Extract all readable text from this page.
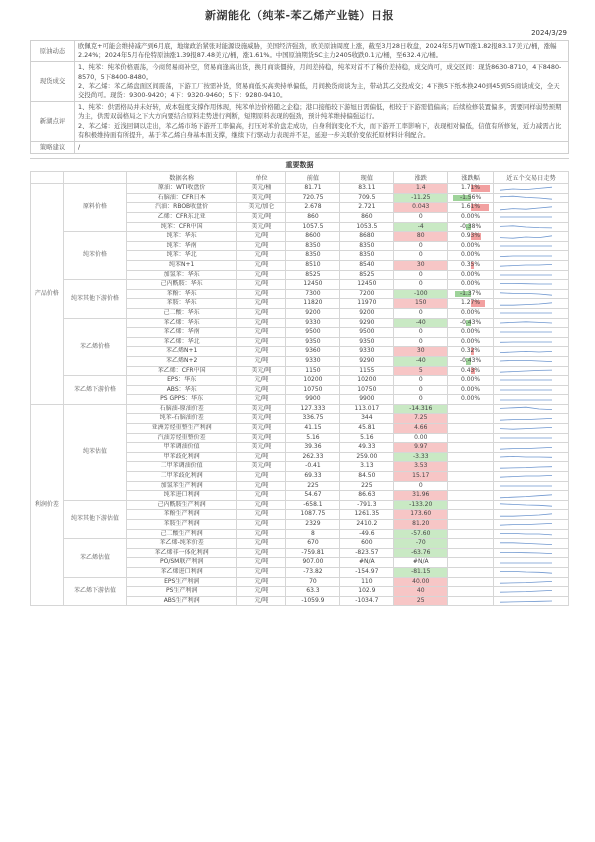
新湖能化（纯苯-苯乙烯产业链）日报
2024/3/29
原油动态	欧佩克+可能会维持减产到6月底，地缘政治紧张对能源设施威胁，美国经济强劲，欧美原油周度上涨，截至3月28日收盘，2024年5月WTI涨1.82报83.17美元/桶，涨幅2.24%；2024年5月布伦特原油涨1.39报87.48美元/桶，涨1.61%。中国原油期货SC主力2405收跌0.1元/桶，至632.4元/桶。
现货成交	1、纯苯：纯苯价格震荡，今商贸易商补空，贸易商逢高出货，换月商谈僵持，月间差持稳，纯苯对首不了稀价差持稳，成交尚可，成交区间：现货8630-8710，4下8480-8570，5下8400-8480。

2、苯乙烯：苯乙烯盘面区间震荡，下游工厂按需补货，贸易商低买高卖持单偏低，月间换货商谈为主，带动其乙交投成交；4下换5下纸本换240到45到55商谈成交，全天交投尚可。现货：9300-9420；4下：9320-9460；5下：9280-9410。

新湖点评	1、纯苯：供需格局并未好转，成本强度支撑作用体现，纯苯单边价格随之企稳；港口接船较下游旭日需偏低，相较于下游需值偏高；后续检修装置偏多，需要同样弱势预期为主，供需双弱格局之下大方向要结合原料走势进行判断，短期原料表现的强劲，预计纯苯维持偏强运行。

2、苯乙烯：近浅回调以走出，苯乙烯市场下游开工率偏高，打压对苯价盘走成功，自身利润变化不大，而下游开工率影响下，表现相对偏低，信值有所修复，近力减需占比有积极维持面有所提升，基于苯乙烯自身基本面支撑，继续下行驱动力表现并不足，延迎一步关联价变依托原材料计利配合。

策略建议	/
重要数据
		数据名称	单位	前值	现值	涨跌	涨跌幅	近五个交易日走势
产品价格	原料价格	原油：WTI收盘价	美元/桶	81.71	83.11	1.4	1.71%	

		石脑油：CFR日本	美元/吨	720.75	709.5	-11.25	-1.56%	

		汽油：RBOB收盘价	美元/加仑	2.678	2.721	0.043	1.61%	

		乙烯：CFR东北亚	美元/吨	860	860	0	0.00%	

		纯苯：CFR中国	美元/吨	1057.5	1053.5	-4	-0.38%	

	纯苯价格	纯苯：华东	元/吨	8600	8680	80	0.93%	

		纯苯：华南	元/吨	8350	8350	0	0.00%	

		纯苯：华北	元/吨	8350	8350	0	0.00%	

		纯苯N+1	元/吨	8510	8540	30	0.35%	

		加氢苯：华东	元/吨	8525	8525	0	0.00%	

	纯苯其他下游价格	己内酰胺：华东	元/吨	12450	12450	0	0.00%	

		苯酚：华东	元/吨	7300	7200	-100	-1.37%	

		苯胺：华东	元/吨	11820	11970	150	1.27%	

		己二酸：华东	元/吨	9200	9200	0	0.00%	

	苯乙烯价格	苯乙烯：华东	元/吨	9330	9290	-40	-0.43%	

		苯乙烯：华南	元/吨	9500	9500	0	0.00%	

		苯乙烯：华北	元/吨	9350	9350	0	0.00%	

		苯乙烯N+1	元/吨	9360	9330	30	0.32%	

		苯乙烯N+2	元/吨	9330	9290	-40	-0.43%	

		苯乙烯：CFR中国	美元/吨	1150	1155	5	0.43%	

	苯乙烯下游价格	EPS：华东	元/吨	10200	10200	0	0.00%	

		ABS：华东	元/吨	10750	10750	0	0.00%	

		PS GPPS：华东	元/吨	9900	9900	0	0.00%	

利润价差	纯苯估值	石脑油-原油价差	美元/吨	127.333	113.017	-14.316		

		纯苯-石脑油价差	美元/吨	336.75	344	7.25		

		亚洲芳烃重整生产利润	美元/吨	41.15	45.81	4.66		

		汽油芳烃重整价差	美元/吨	5.16	5.16	0.00		

		甲苯调油价值	美元/吨	39.36	49.33	9.97		

		甲苯歧化利润	元/吨	262.33	259.00	-3.33		

		二甲苯调油价值	美元/吨	-0.41	3.13	3.53		

		二甲苯歧化利润	元/吨	69.33	84.50	15.17		

		加氢苯生产利润	元/吨	225	225	0		

		纯苯进口利润	元/吨	54.67	86.63	31.96		

	纯苯其他下游估值	己内酰胺生产利润	元/吨	-658.1	-791.3	-133.20		

		苯酚生产利润	元/吨	1087.75	1261.35	173.60		

		苯胺生产利润	元/吨	2329	2410.2	81.20		

		己二酸生产利润	元/吨	8	-49.6	-57.60		

	苯乙烯估值	苯乙烯-纯苯价差	元/吨	670	600	-70		

		苯乙烯非一体化利润	元/吨	-759.81	-823.57	-63.76		

		PO/SM联产利润	元/吨	907.00	#N/A	#N/A		

		苯乙烯进口利润	元/吨	-73.82	-154.97	-81.15		

	苯乙烯下游估值	EPS生产利润	元/吨	70	110	40.00		

		PS生产利润	元/吨	63.3	102.9	40		

		ABS生产利润	元/吨	-1059.9	-1034.7	25		
